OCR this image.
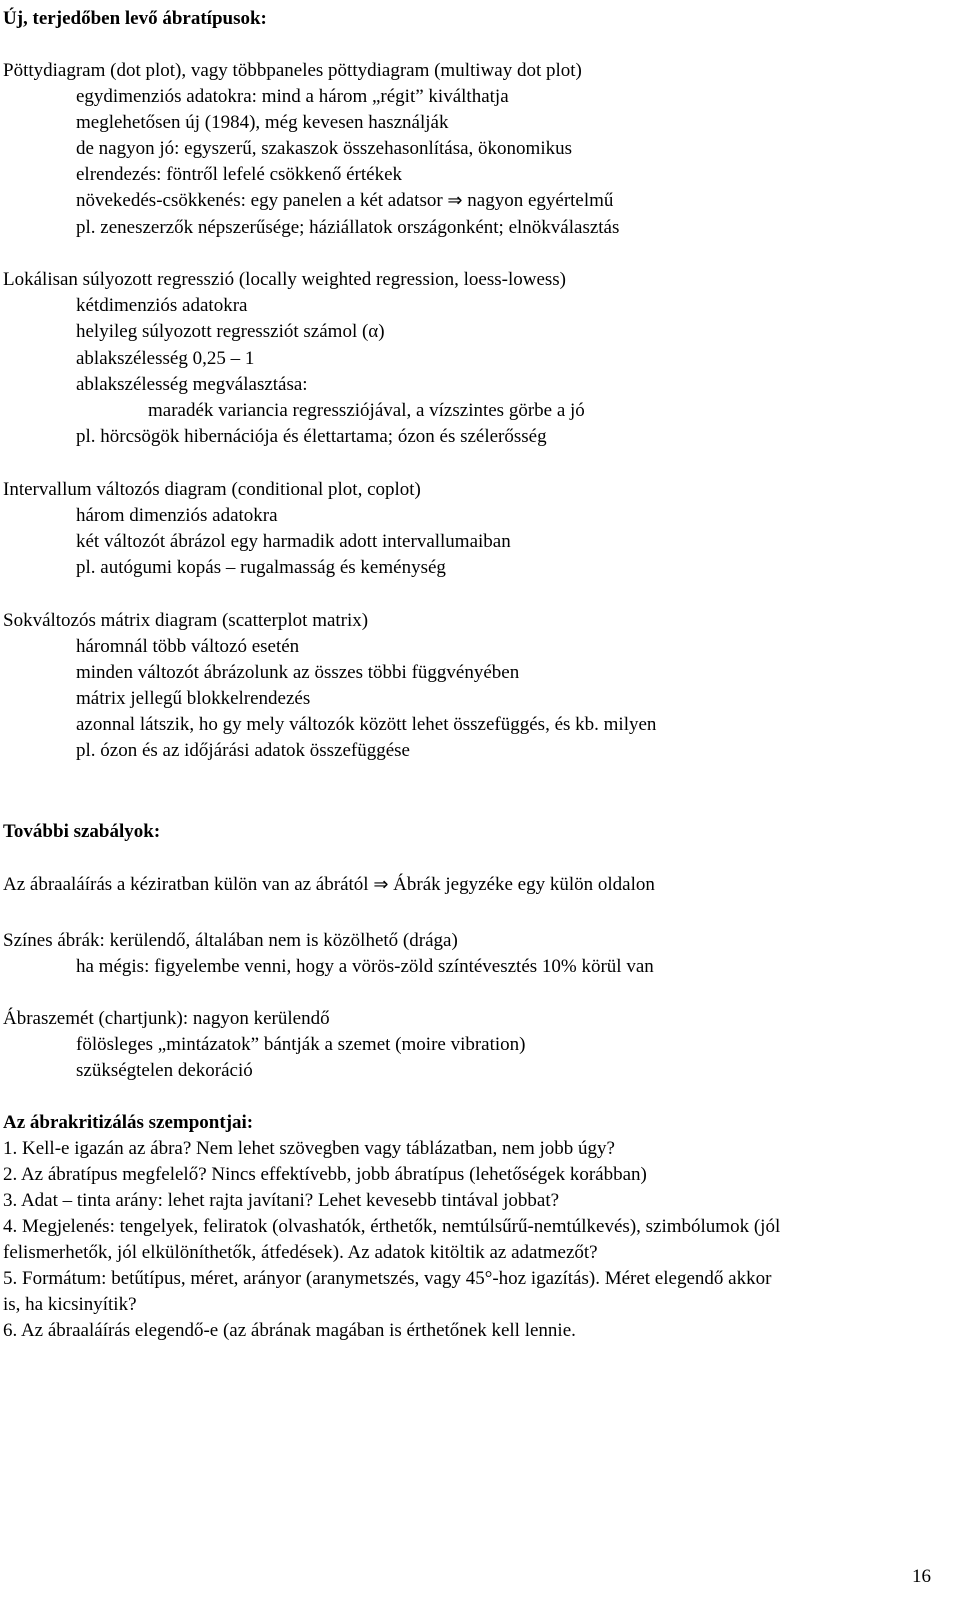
Új, terjedőben levő ábratípusok:
Pöttydiagram (dot plot), vagy többpaneles pöttydiagram (multiway dot plot)
egydimenziós adatokra: mind a három „régit” kiválthatja
meglehetősen új (1984), még kevesen használják
de nagyon jó: egyszerű, szakaszok összehasonlítása, ökonomikus
elrendezés: föntről lefelé csökkenő értékek
növekedés-csökkenés: egy panelen a két adatsor ⇒ nagyon egyértelmű
pl. zeneszerzők népszerűsége; háziállatok országonként; elnökválasztás
Lokálisan súlyozott regresszió (locally weighted regression, loess-lowess)
kétdimenziós adatokra
helyileg súlyozott regressziót számol (α)
ablakszélesség 0,25 – 1
ablakszélesség megválasztása:
maradék variancia regressziójával, a vízszintes görbe a jó
pl. hörcsögök hibernációja és élettartama; ózon és szélerősség
Intervallum változós diagram (conditional plot, coplot)
három dimenziós adatokra
két változót ábrázol egy harmadik adott intervallumaiban
pl. autógumi kopás – rugalmasság és keménység
Sokváltozós mátrix diagram (scatterplot matrix)
háromnál több változó esetén
minden változót ábrázolunk az összes többi függvényében
mátrix jellegű blokkelrendezés
azonnal látszik, ho gy mely változók között lehet összefüggés, és kb. milyen
pl. ózon és az időjárási adatok összefüggése
További szabályok:
Az ábraaláírás a kéziratban külön van az ábrától ⇒ Ábrák jegyzéke egy külön oldalon
Színes ábrák: kerülendő, általában nem is közölhető (drága)
ha mégis: figyelembe venni, hogy a vörös-zöld színtévesztés 10% körül van
Ábraszemét (chartjunk): nagyon kerülendő
fölösleges „mintázatok” bántják a szemet (moire vibration)
szükségtelen dekoráció
Az ábrakritizálás szempontjai:
1. Kell-e igazán az ábra? Nem lehet szövegben vagy táblázatban, nem jobb úgy?
2. Az ábratípus megfelelő? Nincs effektívebb, jobb ábratípus (lehetőségek korábban)
3. Adat – tinta arány: lehet rajta javítani? Lehet kevesebb tintával jobbat?
4. Megjelenés: tengelyek, feliratok (olvashatók, érthetők, nemtúlsűrű-nemtúlkevés), szimbólumok (jól
felismerhetők, jól elkülöníthetők, átfedések). Az adatok kitöltik az adatmezőt?
5. Formátum: betűtípus, méret, arányor (aranymetszés, vagy 45°-hoz igazítás). Méret elegendő akkor
is, ha kicsinyítik?
6. Az ábraaláírás elegendő-e (az ábrának magában is érthetőnek kell lennie.
16
